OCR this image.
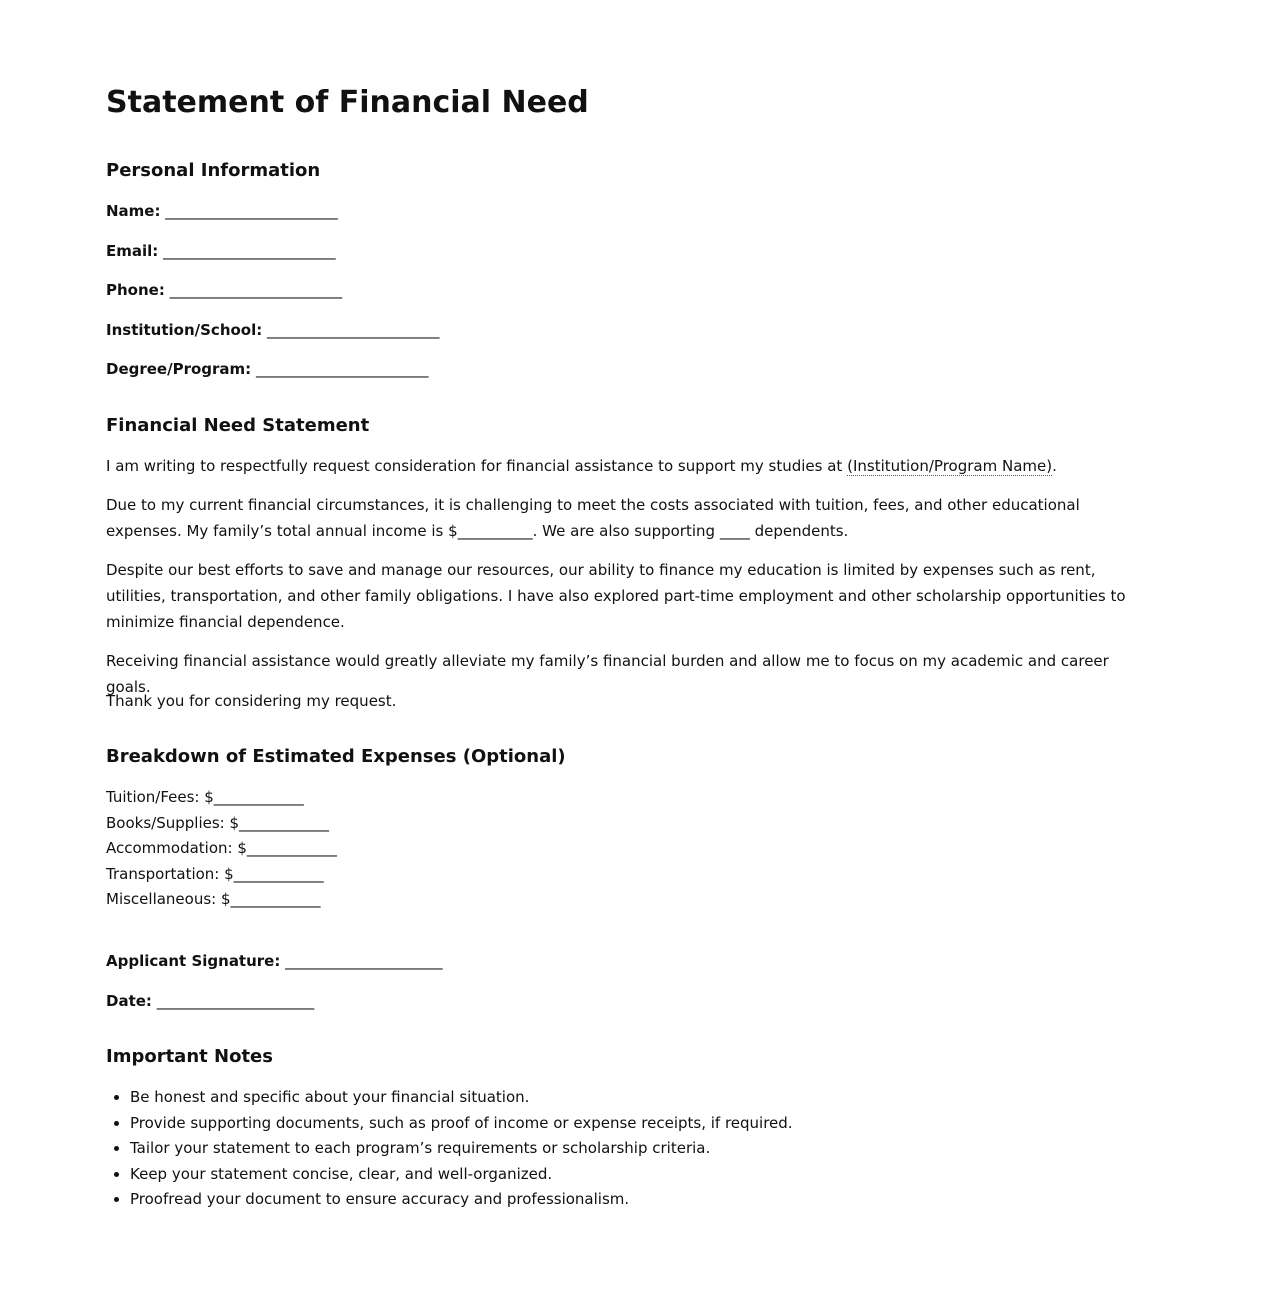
Statement of Financial Need
Personal Information

Name: _______________________

Email: _______________________

Phone: _______________________

Institution/School: _______________________

Degree/Program: _______________________

Financial Need Statement

I am writing to respectfully request consideration for financial assistance to support my studies at (Institution/Program Name).

Due to my current financial circumstances, it is challenging to meet the costs associated with tuition, fees, and other educational expenses. My family’s total annual income is $__________. We are also supporting ____ dependents.

Despite our best efforts to save and manage our resources, our ability to finance my education is limited by expenses such as rent, utilities, transportation, and other family obligations. I have also explored part-time employment and other scholarship opportunities to minimize financial dependence.

Receiving financial assistance would greatly alleviate my family’s financial burden and allow me to focus on my academic and career goals.

Thank you for considering my request.

Breakdown of Estimated Expenses (Optional)
Tuition/Fees: $____________
Books/Supplies: $____________
Accommodation: $____________
Transportation: $____________
Miscellaneous: $____________

Applicant Signature: _____________________

Date: _____________________

Important Notes
• Be honest and specific about your financial situation.
• Provide supporting documents, such as proof of income or expense receipts, if required.
• Tailor your statement to each program’s requirements or scholarship criteria.
• Keep your statement concise, clear, and well-organized.
• Proofread your document to ensure accuracy and professionalism.
